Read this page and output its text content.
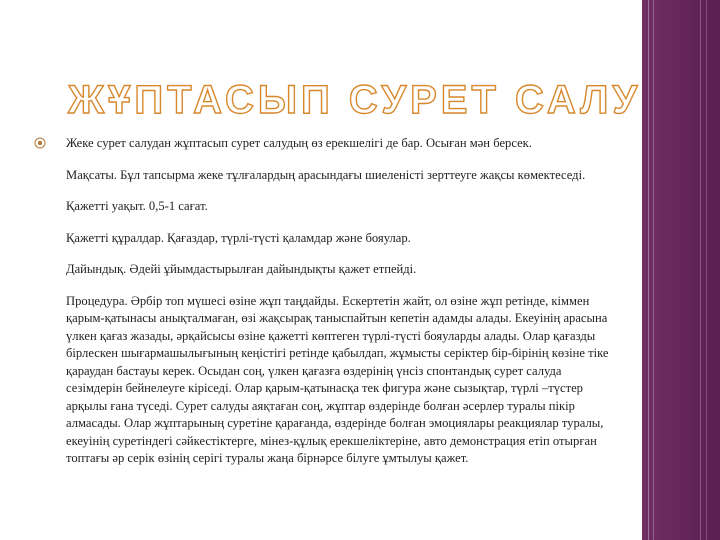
ЖҰПТАСЫП СУРЕТ САЛУ

Жеке сурет салудан жұптасып сурет салудың өз ерекшелігі де бар. Осыған мән берсек.

Мақсаты. Бұл тапсырма жеке тұлғалардың арасындағы шиеленісті зерттеуге жақсы көмектеседі.

Қажетті уақыт. 0,5-1 сағат.

Қажетті құралдар. Қағаздар, түрлі-түсті қаламдар және бояулар.

Дайындық. Әдейі ұйымдастырылған дайындықты қажет етпейді.

Процедура. Әрбір топ мүшесі өзіне жұп таңдайды. Ескертетін жайт, ол өзіне жұп ретінде, кіммен қарым-қатынасы анықталмаған, өзі жақсырақ таныспайтын кепетін адамды алады. Екеуінің арасына үлкен қағаз жазады, әрқайсысы өзіне қажетті көптеген түрлі-түсті бояуларды алады. Олар қағазды бірлескен шығармашылығының кеңістігі ретінде қабылдап, жұмысты серіктер бір-бірінің көзіне тіке қараудан бастауы керек. Осыдан соң, үлкен қағазға өздерінің үнсіз спонтандық сурет салуда сезімдерін бейнелеуге кіріседі. Олар қарым-қатынасқа тек фигура және сызықтар, түрлі –түстер арқылы ғана түседі. Сурет салуды аяқтаған соң, жұптар өздерінде болған әсерлер туралы пікір алмасады. Олар жұптарының суретіне қарағанда, өздерінде болған эмоциялары реакциялар туралы, екеуінің суретіндегі сәйкестіктерге, мінез-құлық ерекшеліктеріне, авто демонстрация етіп отырған топтағы әр серік өзінің серігі туралы жаңа бірнәрсе білуге ұмтылуы қажет.
